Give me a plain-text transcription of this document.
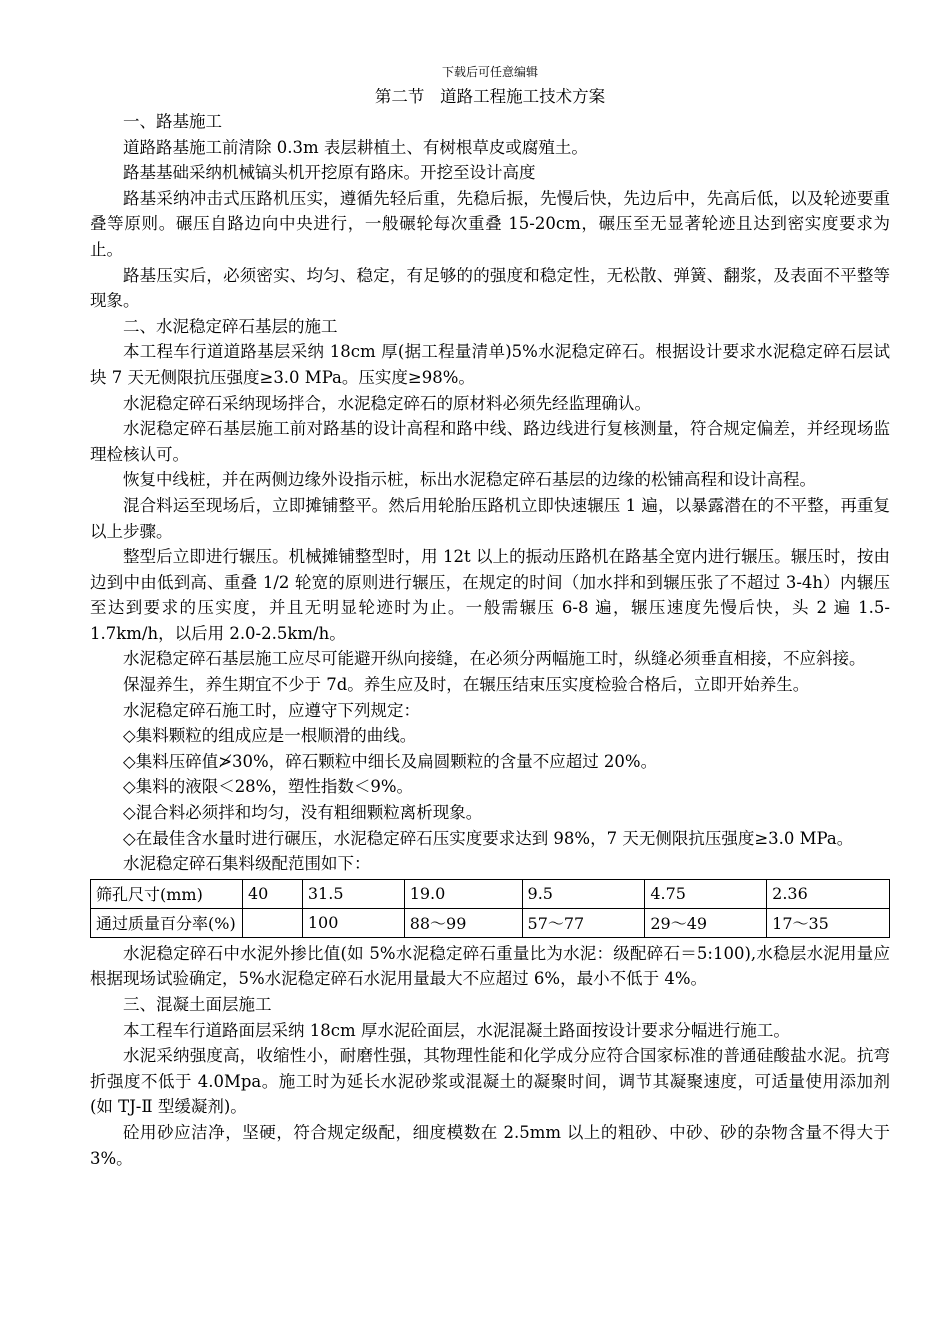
下载后可任意编辑
第二节   道路工程施工技术方案

一、路基施工

道路路基施工前清除 0.3m 表层耕植土、有树根草皮或腐殖土。

路基基础采纳机械镐头机开挖原有路床。开挖至设计高度

路基采纳冲击式压路机压实，遵循先轻后重，先稳后振，先慢后快，先边后中，先高后低，以及轮迹要重叠等原则。碾压自路边向中央进行，一般碾轮每次重叠 15-20cm，碾压至无显著轮迹且达到密实度要求为止。

路基压实后，必须密实、均匀、稳定，有足够的的强度和稳定性，无松散、弹簧、翻浆，及表面不平整等现象。

二、水泥稳定碎石基层的施工

本工程车行道道路基层采纳 18cm 厚(据工程量清单)5%水泥稳定碎石。根据设计要求水泥稳定碎石层试块 7 天无侧限抗压强度≥3.0 MPa。压实度≥98%。

水泥稳定碎石采纳现场拌合，水泥稳定碎石的原材料必须先经监理确认。

水泥稳定碎石基层施工前对路基的设计高程和路中线、路边线进行复核测量，符合规定偏差，并经现场监理检核认可。

恢复中线桩，并在两侧边缘外设指示桩，标出水泥稳定碎石基层的边缘的松铺高程和设计高程。

混合料运至现场后，立即摊铺整平。然后用轮胎压路机立即快速辗压 1 遍，以暴露潜在的不平整，再重复以上步骤。

整型后立即进行辗压。机械摊铺整型时，用 12t 以上的振动压路机在路基全宽内进行辗压。辗压时，按由边到中由低到高、重叠 1/2 轮宽的原则进行辗压，在规定的时间（加水拌和到辗压张了不超过 3-4h）内辗压至达到要求的压实度，并且无明显轮迹时为止。一般需辗压 6-8 遍，辗压速度先慢后快，头 2 遍 1.5-1.7km/h，以后用 2.0-2.5km/h。

水泥稳定碎石基层施工应尽可能避开纵向接缝，在必须分两幅施工时，纵缝必须垂直相接，不应斜接。

保湿养生，养生期宜不少于 7d。养生应及时，在辗压结束压实度检验合格后，立即开始养生。

水泥稳定碎石施工时，应遵守下列规定：

◇集料颗粒的组成应是一根顺滑的曲线。

◇集料压碎值≯30%，碎石颗粒中细长及扁圆颗粒的含量不应超过 20%。

◇集料的液限＜28%，塑性指数＜9%。

◇混合料必须拌和均匀，没有粗细颗粒离析现象。

◇在最佳含水量时进行碾压，水泥稳定碎石压实度要求达到 98%，7 天无侧限抗压强度≥3.0 MPa。

水泥稳定碎石集料级配范围如下：

筛孔尺寸(mm)	40	31.5	19.0	9.5	4.75	2.36
通过质量百分率(%)		100	88～99	57～77	29～49	17～35

水泥稳定碎石中水泥外掺比值(如 5%水泥稳定碎石重量比为水泥：级配碎石＝5:100),水稳层水泥用量应根据现场试验确定，5%水泥稳定碎石水泥用量最大不应超过 6%，最小不低于 4%。

三、混凝土面层施工

本工程车行道路面层采纳 18cm 厚水泥砼面层，水泥混凝土路面按设计要求分幅进行施工。

水泥采纳强度高，收缩性小，耐磨性强，其物理性能和化学成分应符合国家标准的普通硅酸盐水泥。抗弯折强度不低于 4.0Mpa。施工时为延长水泥砂浆或混凝土的凝聚时间，调节其凝聚速度，可适量使用添加剂(如 TJ-Ⅱ 型缓凝剂)。

砼用砂应洁净，坚硬，符合规定级配，细度模数在 2.5mm 以上的粗砂、中砂、砂的杂物含量不得大于 3%。
